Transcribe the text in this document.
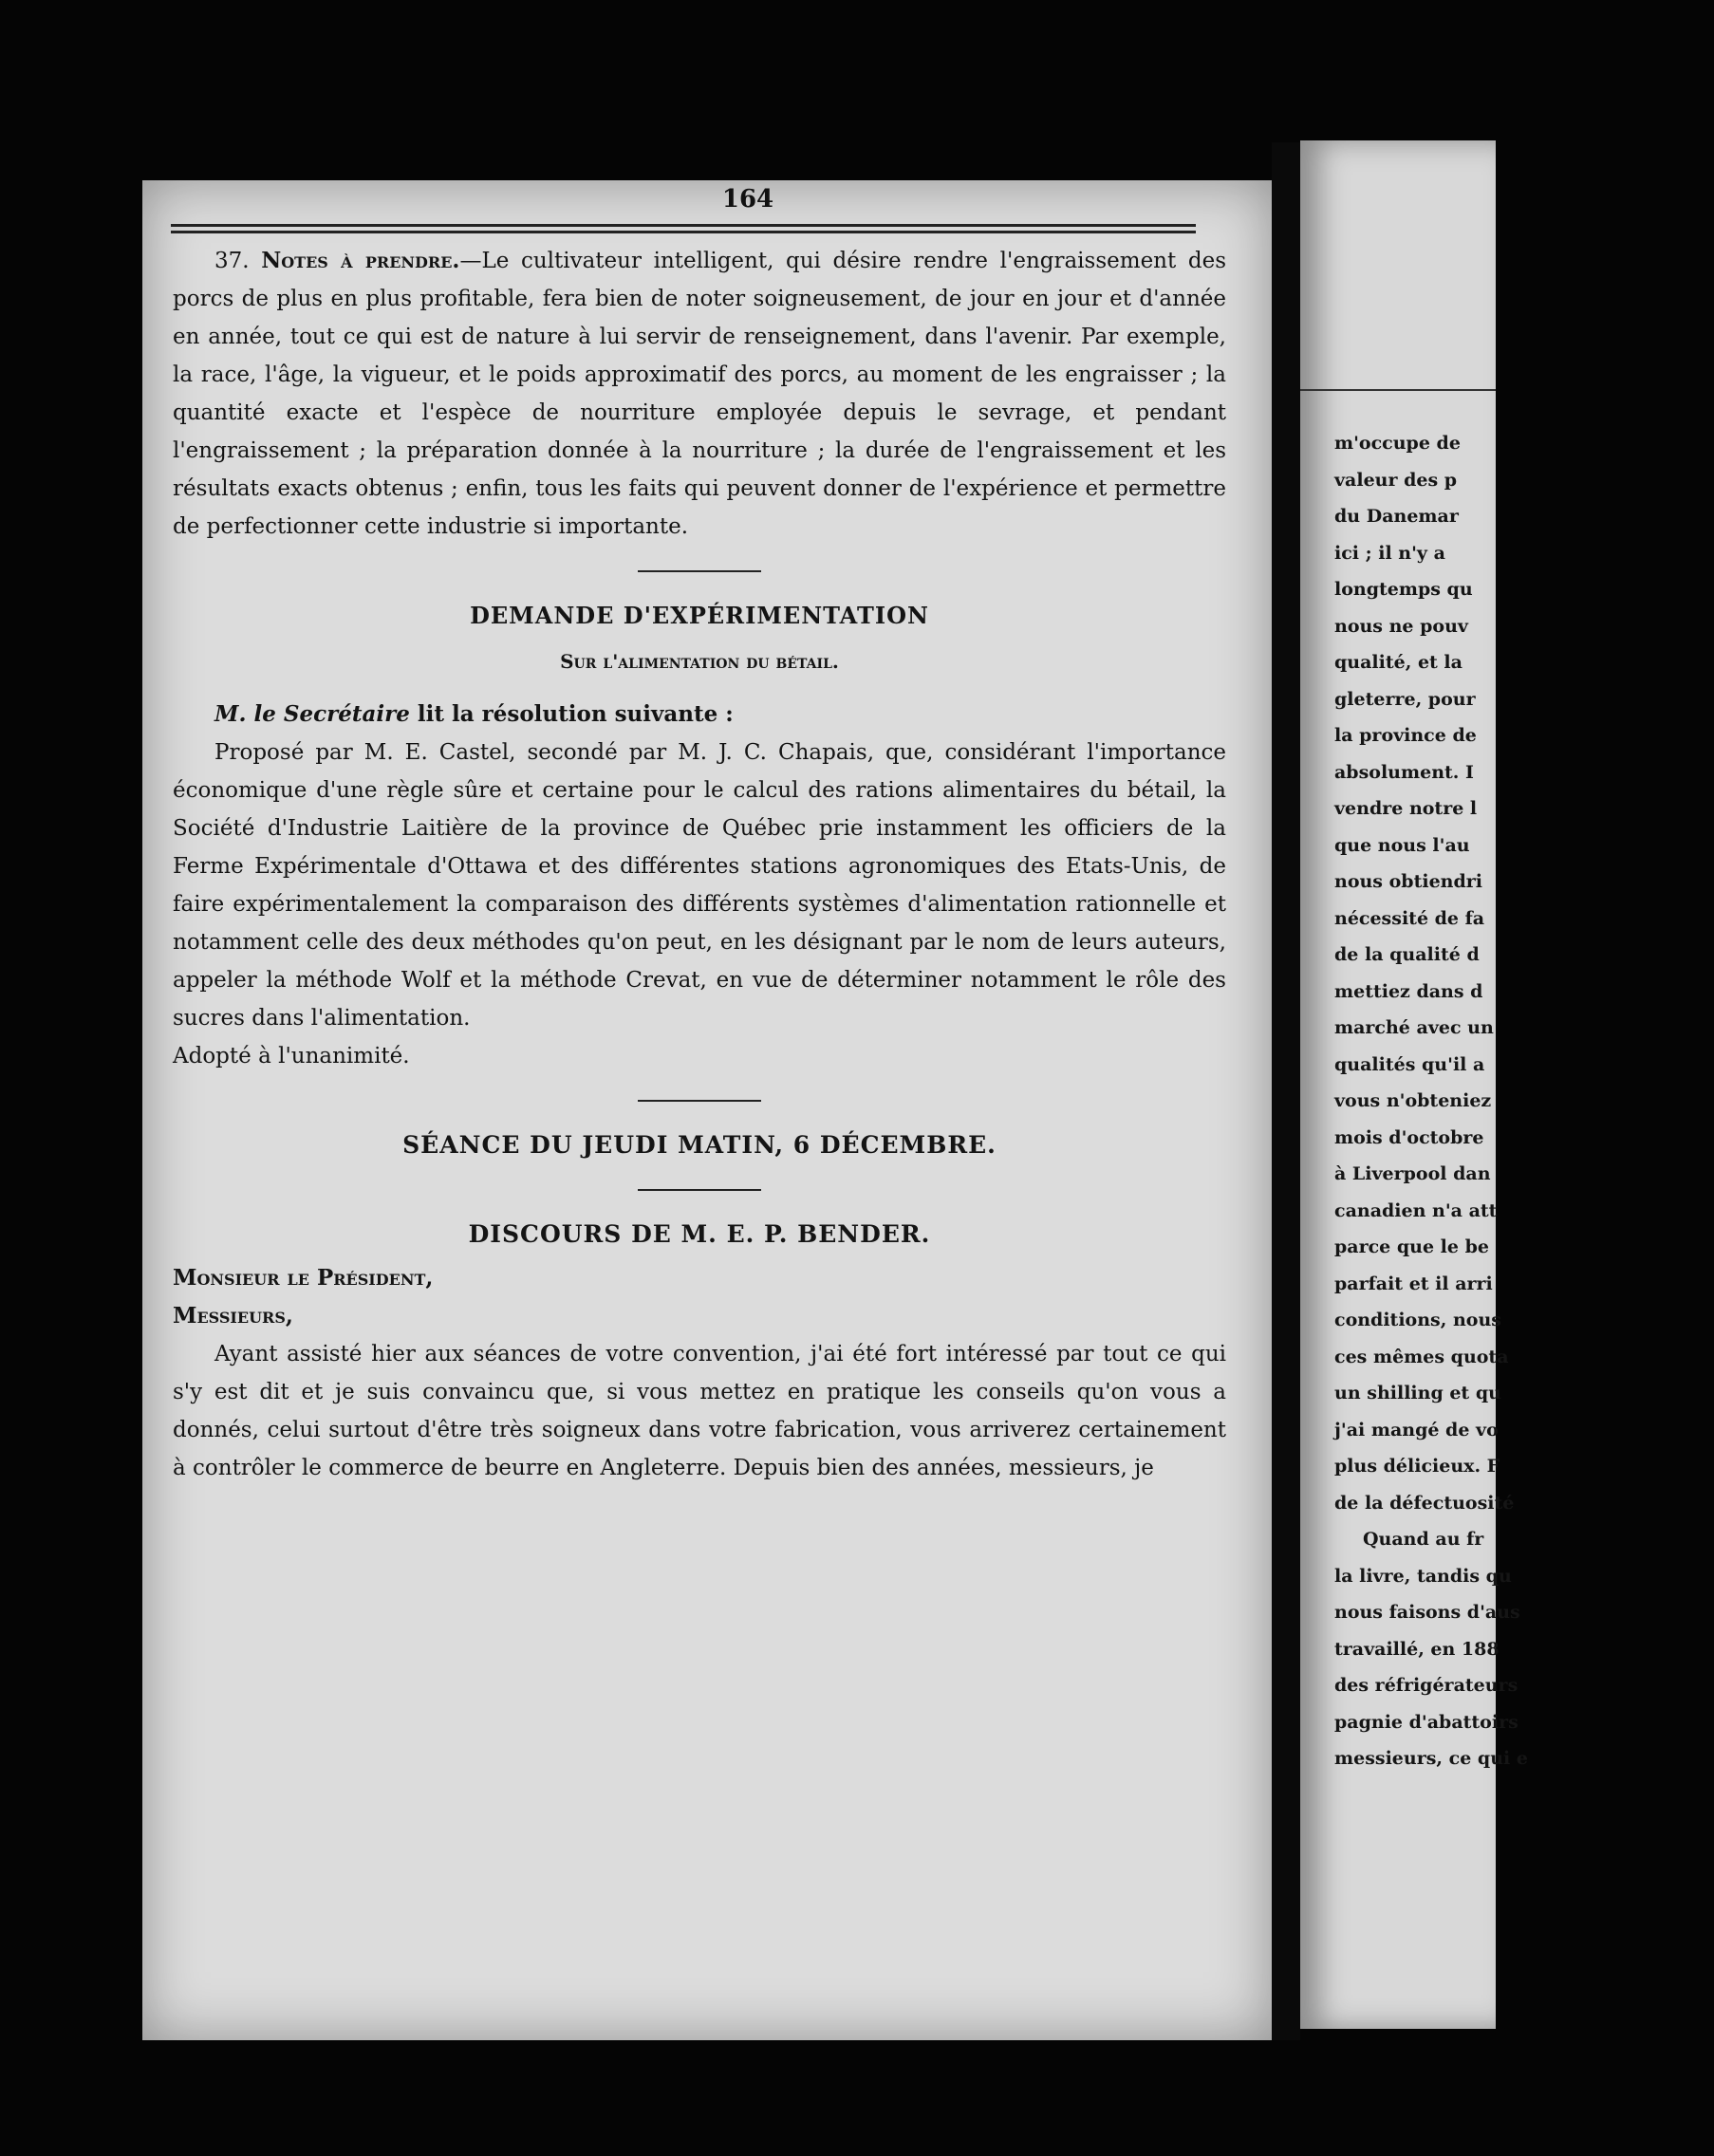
m'occupe de
valeur des p
du Danemar
ici ; il n'y a
longtemps qu
nous ne pouv
qualité, et la
gleterre, pour
la province de
absolument. I
vendre notre l
que nous l'au
nous obtiendri
nécessité de fa
de la qualité d
mettiez dans d
marché avec un
qualités qu'il a
vous n'obteniez
mois d'octobre
à Liverpool dan
canadien n'a att
parce que le be
parfait et il arri
conditions, nous
ces mêmes quota
un shilling et qu
j'ai mangé de vo
plus délicieux. F
de la défectuosité
Quand au fr
la livre, tandis qu
nous faisons d'aus
travaillé, en 188
des réfrigérateurs
pagnie d'abattoirs
messieurs, ce qui e
164

37. Notes à prendre.—Le cultivateur intelligent, qui désire rendre l'engraissement des porcs de plus en plus profitable, fera bien de noter soigneusement, de jour en jour et d'année en année, tout ce qui est de nature à lui servir de renseignement, dans l'avenir. Par exemple, la race, l'âge, la vigueur, et le poids approximatif des porcs, au moment de les engraisser ; la quantité exacte et l'espèce de nourriture employée depuis le sevrage, et pendant l'engraissement ; la préparation donnée à la nourriture ; la durée de l'engraissement et les résultats exacts obtenus ; enfin, tous les faits qui peuvent donner de l'expérience et permettre de perfectionner cette industrie si importante.

DEMANDE D'EXPÉRIMENTATION
Sur l'alimentation du bétail.

M. le Secrétaire lit la résolution suivante :

Proposé par M. E. Castel, secondé par M. J. C. Chapais, que, considérant l'importance économique d'une règle sûre et certaine pour le calcul des rations alimentaires du bétail, la Société d'Industrie Laitière de la province de Québec prie instamment les officiers de la Ferme Expérimentale d'Ottawa et des différentes stations agronomiques des Etats-Unis, de faire expérimentalement la comparaison des différents systèmes d'alimentation rationnelle et notamment celle des deux méthodes qu'on peut, en les désignant par le nom de leurs auteurs, appeler la méthode Wolf et la méthode Crevat, en vue de déterminer notamment le rôle des sucres dans l'alimentation.

Adopté à l'unanimité.

SÉANCE DU JEUDI MATIN, 6 DÉCEMBRE.
DISCOURS DE M. E. P. BENDER.

Monsieur le Président,

Messieurs,

Ayant assisté hier aux séances de votre convention, j'ai été fort intéressé par tout ce qui s'y est dit et je suis convaincu que, si vous mettez en pratique les conseils qu'on vous a donnés, celui surtout d'être très soigneux dans votre fabrication, vous arriverez certainement à contrôler le commerce de beurre en Angleterre. Depuis bien des années, messieurs, je
